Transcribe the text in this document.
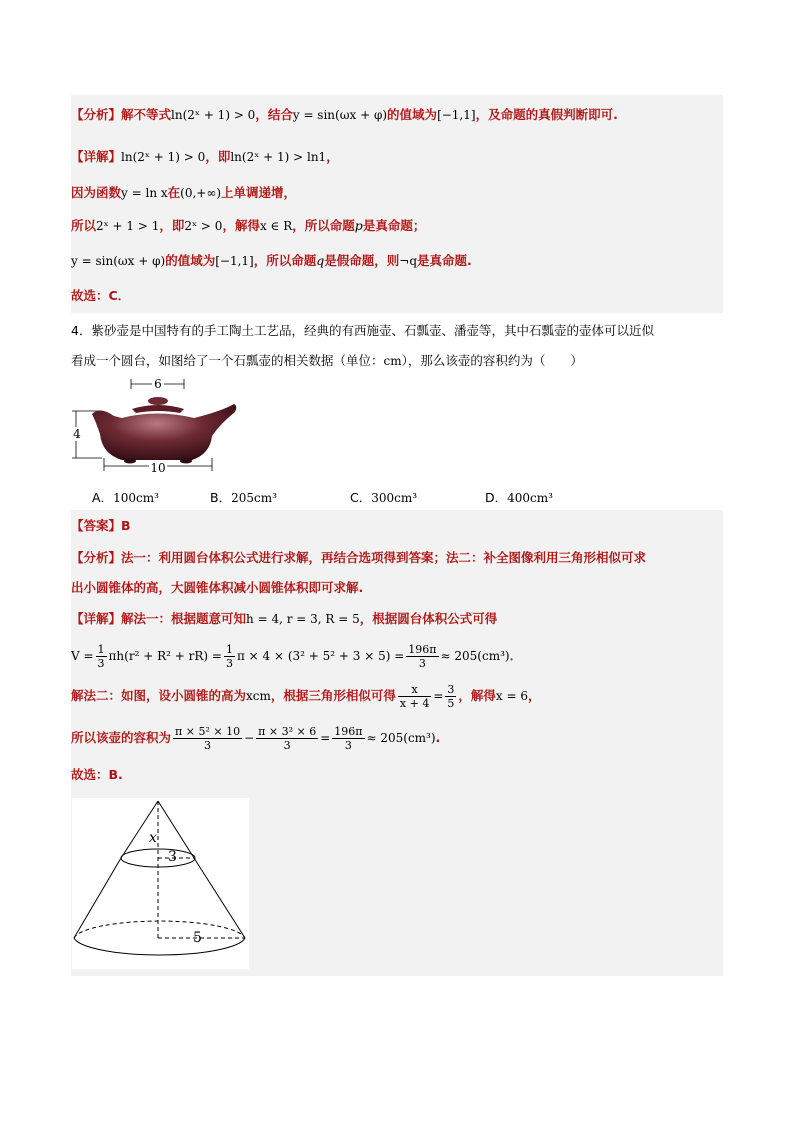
【分析】解不等式ln(2ˣ + 1) > 0，结合y = sin(ωx + φ)的值域为[−1,1]，及命题的真假判断即可.
【详解】ln(2ˣ + 1) > 0，即ln(2ˣ + 1) > ln1，
因为函数y = ln x在(0,+∞)上单调递增，
所以2ˣ + 1 > 1，即2ˣ > 0，解得x ∈ R，所以命题p是真命题；
y = sin(ωx + φ)的值域为[−1,1]，所以命题q是假命题，则¬q是真命题.
故选：C．
4．紫砂壶是中国特有的手工陶土工艺品，经典的有西施壶、石瓢壶、潘壶等，其中石瓢壶的壶体可以近似
看成一个圆台，如图给了一个石瓢壶的相关数据（单位：cm），那么该壶的容积约为（　　）
6
4
10
A．100cm³	B．205cm³	C．300cm³	D．400cm³
【答案】B
【分析】法一：利用圆台体积公式进行求解，再结合选项得到答案；法二：补全图像利用三角形相似可求
出小圆锥体的高，大圆锥体积减小圆锥体积即可求解.
【详解】解法一：根据题意可知h = 4, r = 3, R = 5，根据圆台体积公式可得
$V = \frac{1}{3} \pi h(r^2 + R^2 + rR) = \frac{1}{3}$ $\pi \times 4 \times (3^2 + 5^2 + 3 \times 5) = \frac{196\pi}{3} \approx 205(cm^3)$．
解法二：如图，设小圆锥的高为xcm，根据三角形相似可得 $\frac{x}{x + 4} = \frac{3}{5}$ ，解得x = 6，
所以该壶的容积为 $\frac{\text{π × 5² × 10}}{3} - \frac{\text{π × 3² × 6}}{3} = \frac{196\pi}{3} \approx 205(cm^3)$.
故选：B.
x
3
5
